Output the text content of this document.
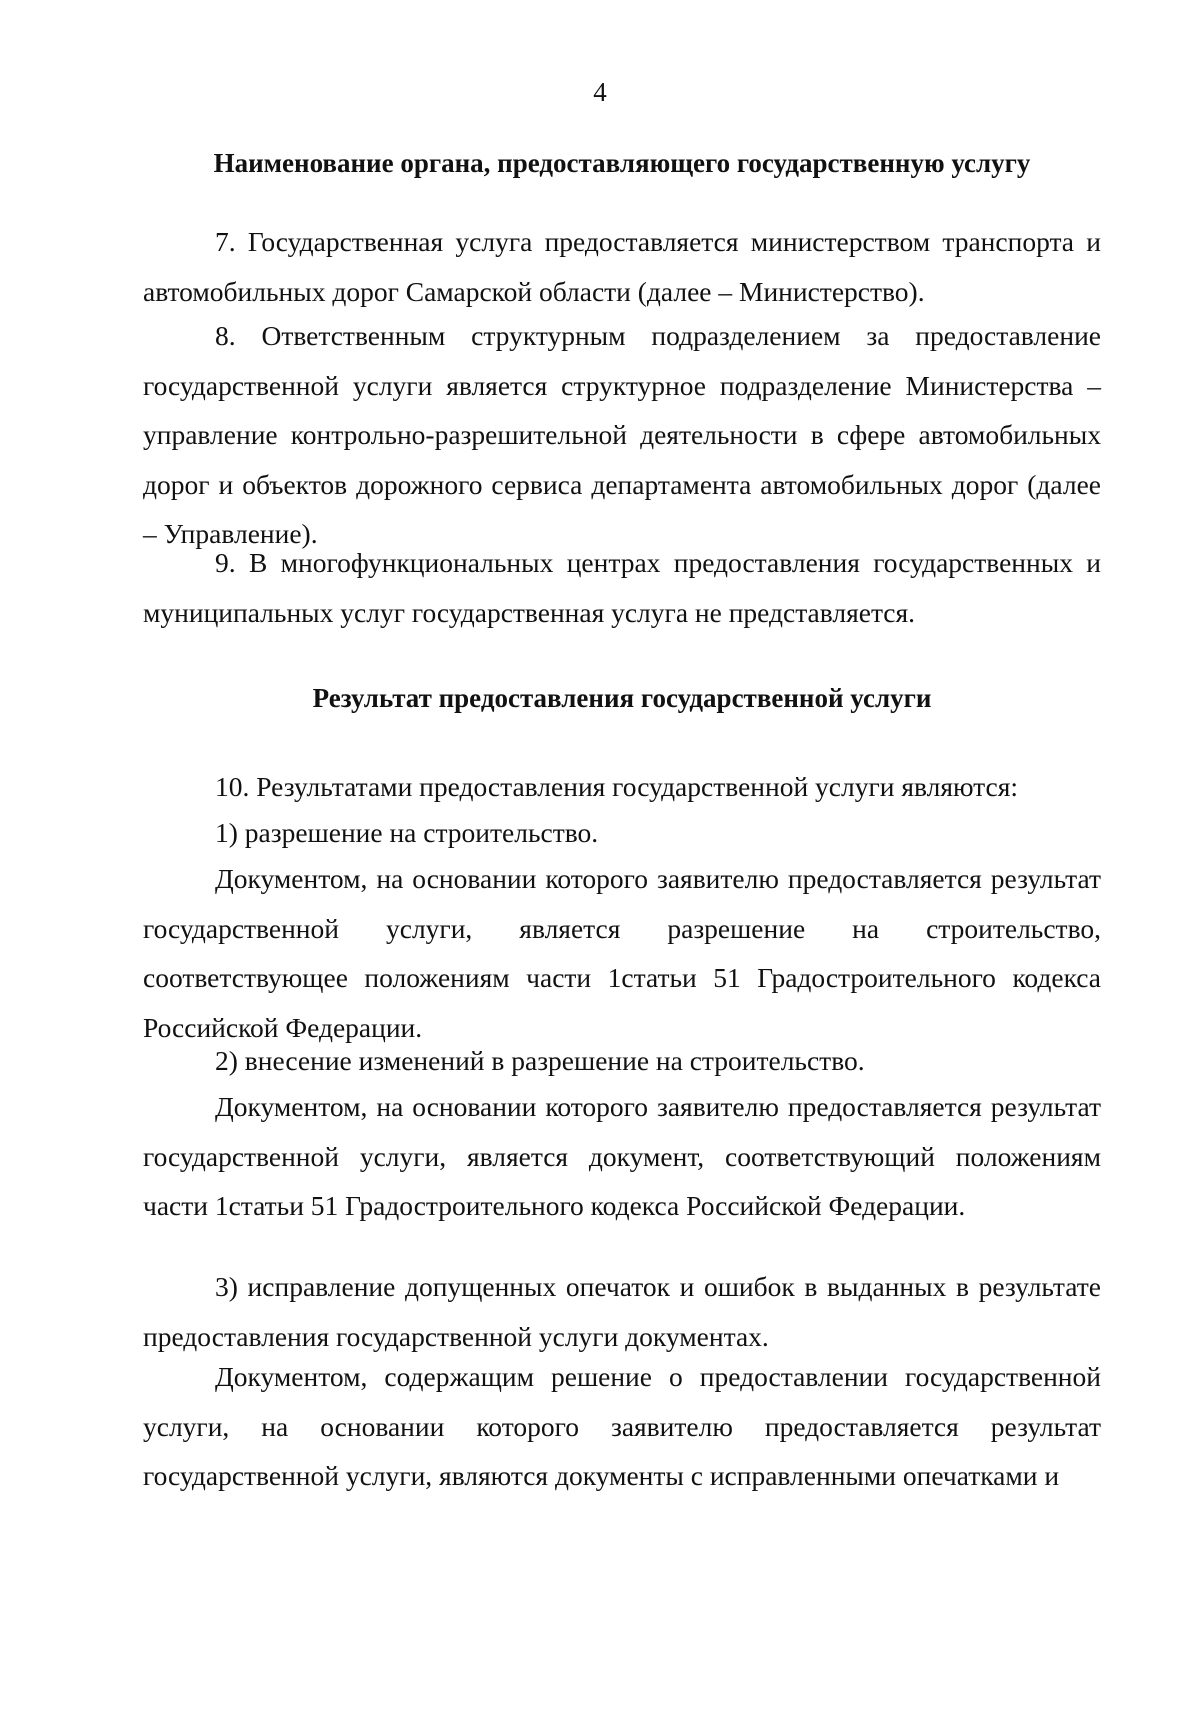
4
Наименование органа, предоставляющего государственную услугу

7. Государственная услуга предоставляется министерством транспорта и автомобильных дорог Самарской области (далее – Министерство).

8. Ответственным структурным подразделением за предоставление государственной услуги является структурное подразделение Министерства – управление контрольно-разрешительной деятельности в сфере автомобильных дорог и объектов дорожного сервиса департамента автомобильных дорог (далее – Управление).

9. В многофункциональных центрах предоставления государственных и муниципальных услуг государственная услуга не представляется.

Результат предоставления государственной услуги

10. Результатами предоставления государственной услуги являются:

1) разрешение на строительство.

Документом, на основании которого заявителю предоставляется результат государственной услуги, является разрешение на строительство, соответствующее положениям части 1статьи 51 Градостроительного кодекса Российской Федерации.

2) внесение изменений в разрешение на строительство.

Документом, на основании которого заявителю предоставляется результат государственной услуги, является документ, соответствующий положениям части 1статьи 51 Градостроительного кодекса Российской Федерации.

3) исправление допущенных опечаток и ошибок в выданных в результате предоставления государственной услуги документах.

Документом, содержащим решение о предоставлении государственной услуги, на основании которого заявителю предоставляется результат государственной услуги, являются документы с исправленными опечатками и
